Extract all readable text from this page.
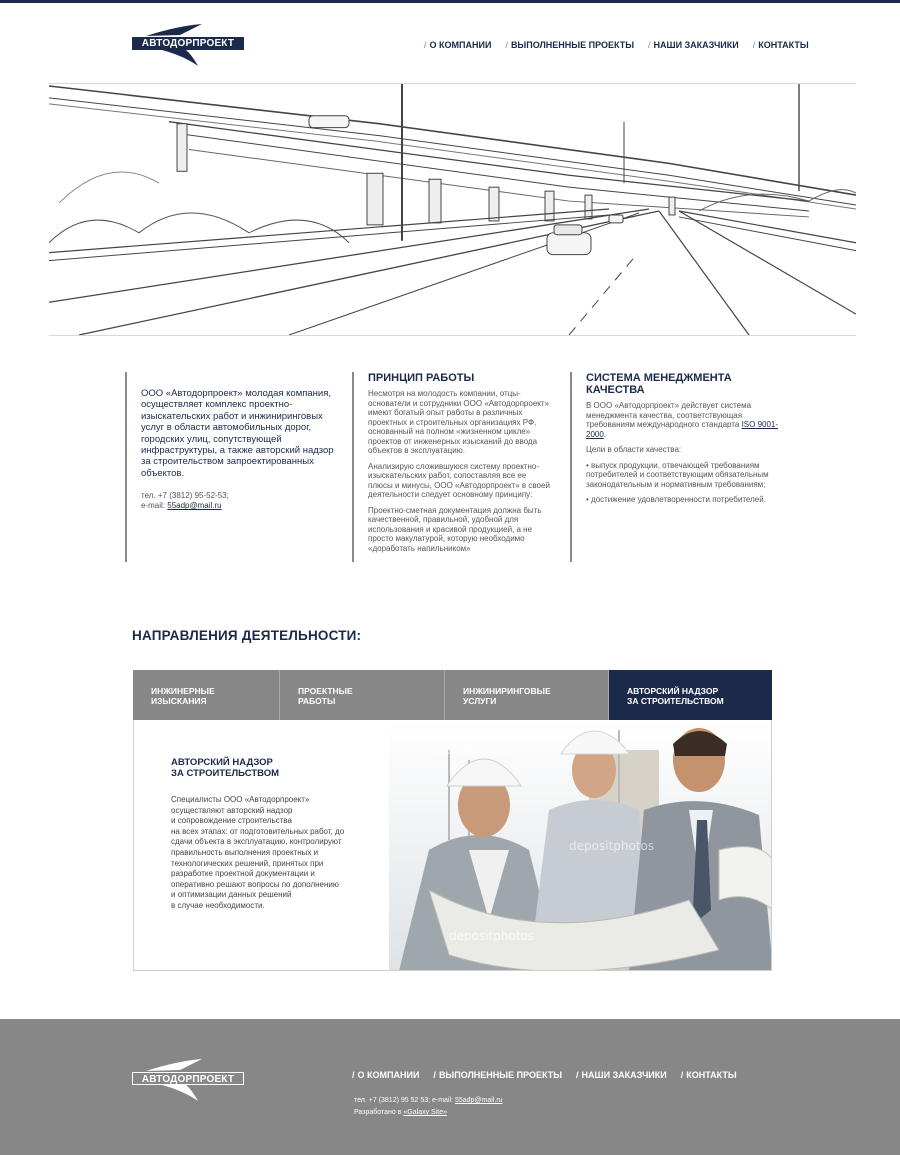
АВТОДОРПРОЕКТ	/ О КОМПАНИИ / ВЫПОЛНЕННЫЕ ПРОЕКТЫ / НАШИ ЗАКАЗЧИКИ / КОНТАКТЫ
ООО «Автодорпроект» молодая компания, осуществляет комплекс проектно-изыскательских работ и инжиниринговых услуг в области автомобильных дорог, городских улиц, сопутствующей инфраструктуры, а также авторский надзор за строительством запроектированных объектов.
тел. +7 (3812) 95-52-53;
e-mail: 55adp@mail.ru
ПРИНЦИП РАБОТЫ

Несмотря на молодость компании, отцы-основатели и сотрудники ООО «Автодорпроект» имеют богатый опыт работы в различных проектных и строительных организациях РФ, основанный на полном «жизненном цикле» проектов от инженерных изысканий до ввода объектов в эксплуатацию.

Анализирую сложившуюся систему проектно-изыскательских работ, сопоставляя все ее плюсы и минусы, ООО «Автодорпроект» в своей деятельности следует основному принципу:

Проектно-сметная документация должна быть качественной, правильной, удобной для использования и красивой продукцией, а не просто макулатурой, которую необходимо «доработать напильником»

СИСТЕМА МЕНЕДЖМЕНТА КАЧЕСТВА

В ООО «Автодорпроект» действует система менеджмента качества, соответствующая требованиям международного стандарта ISO 9001-2000.

Цели в области качества:

• выпуск продукции, отвечающей требованиям потребителей и соответствующим обязательным законодательным и нормативным требованиям;

• достижение удовлетворенности потребителей.

НАПРАВЛЕНИЯ ДЕЯТЕЛЬНОСТИ:
ИНЖИНЕРНЫЕ
ИЗЫСКАНИЯ
ПРОЕКТНЫЕ
РАБОТЫ
ИНЖИНИРИНГОВЫЕ
УСЛУГИ
АВТОРСКИЙ НАДЗОР
ЗА СТРОИТЕЛЬСТВОМ
АВТОРСКИЙ НАДЗОР
ЗА СТРОИТЕЛЬСТВОМ
Специалисты ООО «Автодорпроект»
осуществляют авторский надзор
и сопровождение строительства
на всех этапах: от подготовительных работ, до
сдачи объекта в эксплуатацию, контролируют
правильность выполнения проектных и
технологических решений, принятых при
разработке проектной документации и
оперативно решают вопросы по дополнению
и оптимизации данных решений
в случае необходимости.
depositphotos
depositphotos
depositphotos
АВТОДОРПРОЕКТ	/ О КОМПАНИИ / ВЫПОЛНЕННЫЕ ПРОЕКТЫ / НАШИ ЗАКАЗЧИКИ / КОНТАКТЫ
тел. +7 (3812) 95 52 53; e-mail: 55adp@mail.ru
Разработано в «Galaxy Site»
